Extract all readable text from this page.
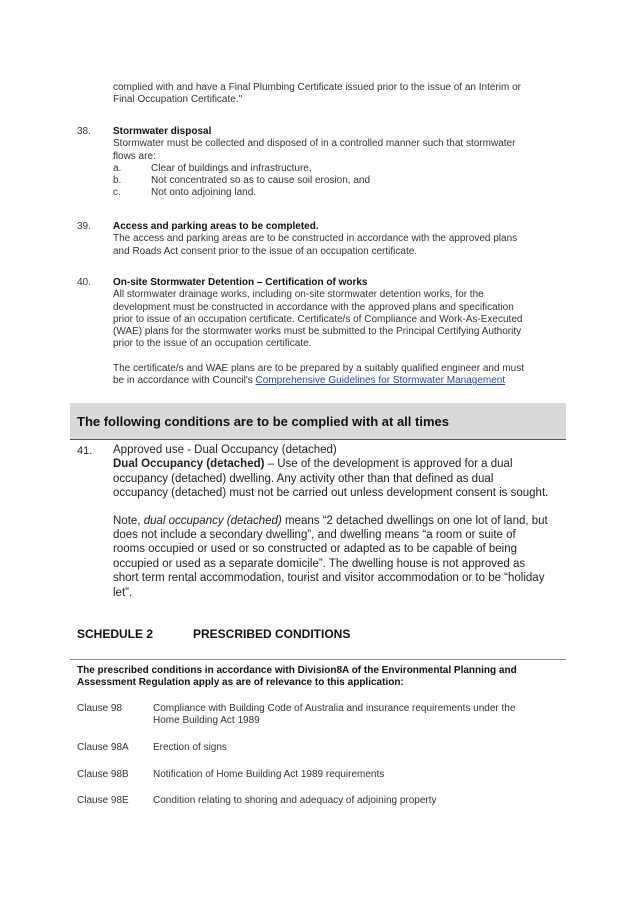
complied with and have a Final Plumbing Certificate issued prior to the issue of an Interim or
Final Occupation Certificate."
38. Stormwater disposal
Stormwater must be collected and disposed of in a controlled manner such that stormwater
flows are:
a.	Clear of buildings and infrastructure,
b.	Not concentrated so as to cause soil erosion, and
c.	Not onto adjoining land.
39. Access and parking areas to be completed.
The access and parking areas are to be constructed in accordance with the approved plans
and Roads Act consent prior to the issue of an occupation certificate.
40. On-site Stormwater Detention – Certification of works
All stormwater drainage works, including on-site stormwater detention works, for the
development must be constructed in accordance with the approved plans and specification
prior to issue of an occupation certificate. Certificate/s of Compliance and Work-As-Executed
(WAE) plans for the stormwater works must be submitted to the Principal Certifying Authority
prior to the issue of an occupation certificate.
The certificate/s and WAE plans are to be prepared by a suitably qualified engineer and must
be in accordance with Council's Comprehensive Guidelines for Stormwater Management
The following conditions are to be complied with at all times
41. Approved use - Dual Occupancy (detached)
Dual Occupancy (detached) – Use of the development is approved for a dual
occupancy (detached) dwelling. Any activity other than that defined as dual
occupancy (detached) must not be carried out unless development consent is sought.
Note, dual occupancy (detached) means “2 detached dwellings on one lot of land, but
does not include a secondary dwelling”, and dwelling means “a room or suite of
rooms occupied or used or so constructed or adapted as to be capable of being
occupied or used as a separate domicile”. The dwelling house is not approved as
short term rental accommodation, tourist and visitor accommodation or to be “holiday
let”.
SCHEDULE 2	PRESCRIBED CONDITIONS
The prescribed conditions in accordance with Division8A of the Environmental Planning and
Assessment Regulation apply as are of relevance to this application:
Clause 98	Compliance with Building Code of Australia and insurance requirements under the
Home Building Act 1989
Clause 98A Erection of signs
Clause 98B Notification of Home Building Act 1989 requirements
Clause 98E Condition relating to shoring and adequacy of adjoining property
